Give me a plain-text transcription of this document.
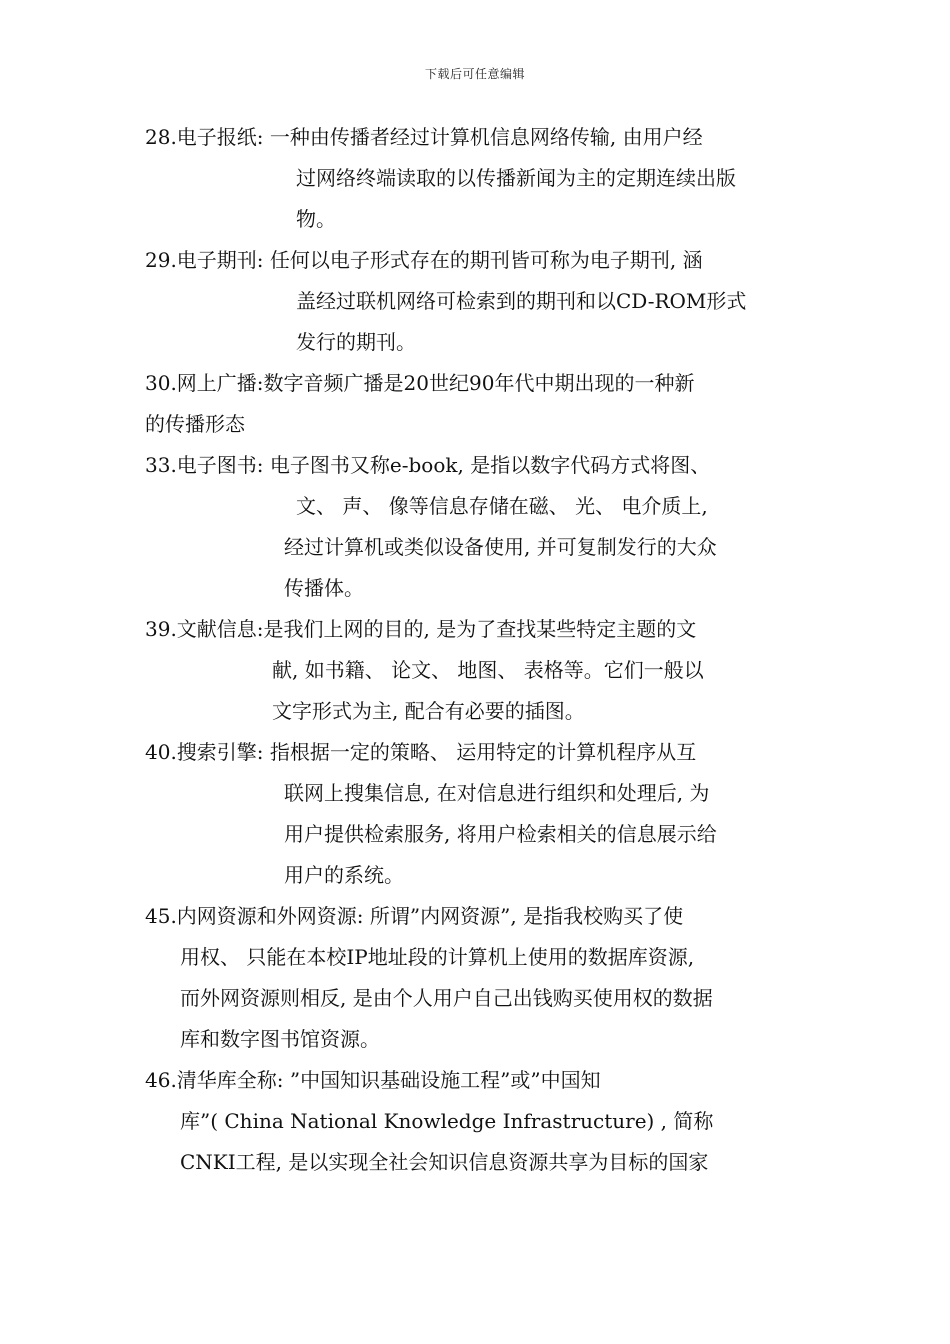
下载后可任意编辑
28.电子报纸: 一种由传播者经过计算机信息网络传输, 由用户经
过网络终端读取的以传播新闻为主的定期连续出版
物。
29.电子期刊: 任何以电子形式存在的期刊皆可称为电子期刊, 涵
盖经过联机网络可检索到的期刊和以CD-ROM形式
发行的期刊。
30.网上广播:数字音频广播是20世纪90年代中期出现的一种新
的传播形态
33.电子图书: 电子图书又称e-book, 是指以数字代码方式将图、
文、 声、 像等信息存储在磁、 光、 电介质上,
经过计算机或类似设备使用, 并可复制发行的大众
传播体。
39.文献信息:是我们上网的目的, 是为了查找某些特定主题的文
献, 如书籍、 论文、 地图、 表格等。它们一般以
文字形式为主, 配合有必要的插图。
40.搜索引擎: 指根据一定的策略、 运用特定的计算机程序从互
联网上搜集信息, 在对信息进行组织和处理后, 为
用户提供检索服务, 将用户检索相关的信息展示给
用户的系统。
45.内网资源和外网资源: 所谓”内网资源”, 是指我校购买了使
用权、 只能在本校IP地址段的计算机上使用的数据库资源,
而外网资源则相反, 是由个人用户自己出钱购买使用权的数据
库和数字图书馆资源。
46.清华库全称: ”中国知识基础设施工程”或”中国知
库”( China National Knowledge Infrastructure) , 简称
CNKI工程, 是以实现全社会知识信息资源共享为目标的国家
